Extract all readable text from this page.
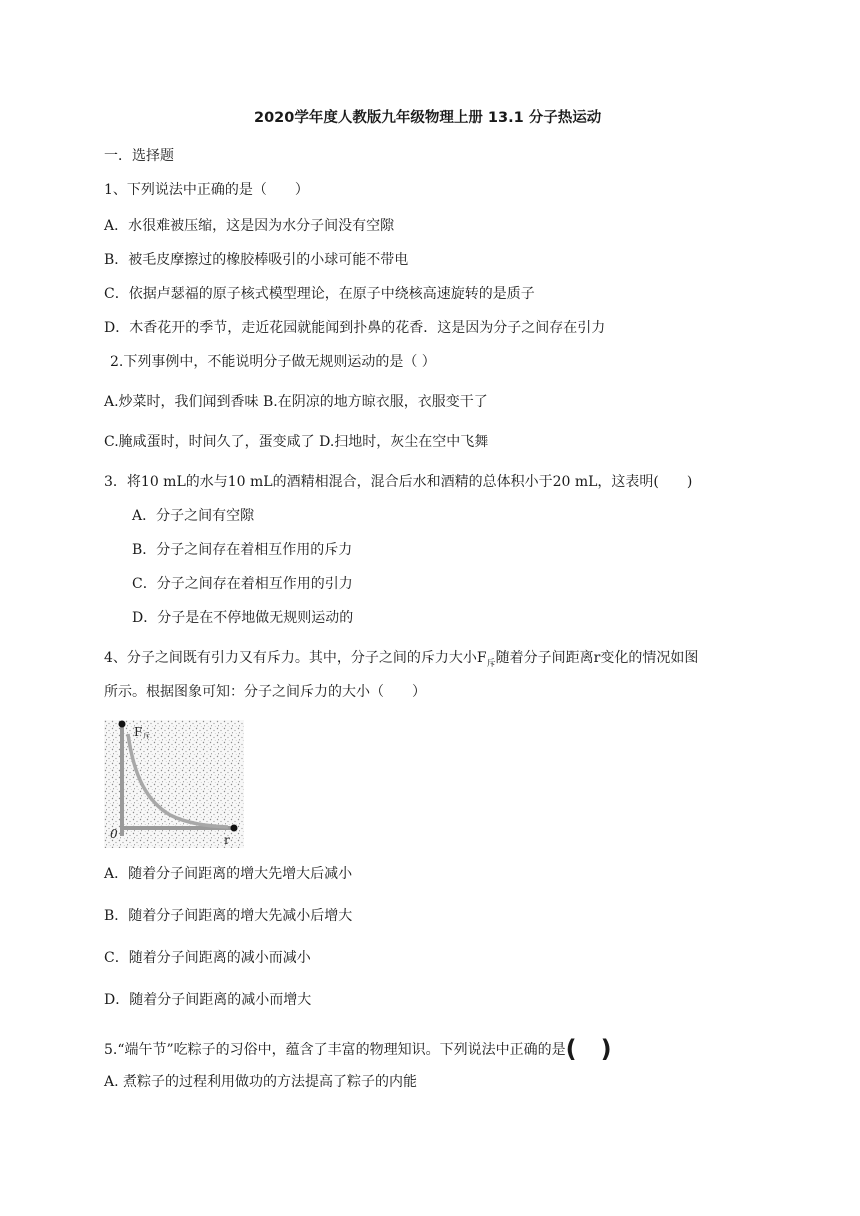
2020学年度人教版九年级物理上册 13.1 分子热运动
一．选择题
1、下列说法中正确的是（　　）
A．水很难被压缩，这是因为水分子间没有空隙
B．被毛皮摩擦过的橡胶棒吸引的小球可能不带电
C．依据卢瑟福的原子核式模型理论，在原子中绕核高速旋转的是质子
D．木香花开的季节，走近花园就能闻到扑鼻的花香．这是因为分子之间存在引力
2.下列事例中，不能说明分子做无规则运动的是（ ）
A.炒菜时，我们闻到香味 B.在阴凉的地方晾衣服，衣服变干了
C.腌咸蛋时，时间久了，蛋变咸了 D.扫地时，灰尘在空中飞舞
3．将10 mL的水与10 mL的酒精相混合，混合后水和酒精的总体积小于20 mL，这表明(　　)
A．分子之间有空隙
B．分子之间存在着相互作用的斥力
C．分子之间存在着相互作用的引力
D．分子是在不停地做无规则运动的
4、分子之间既有引力又有斥力。其中，分子之间的斥力大小$F_斥$随着分子间距离r变化的情况如图
所示。根据图象可知：分子之间斥力的大小（　　）
F 斥
r
0
A．随着分子间距离的增大先增大后减小
B．随着分子间距离的增大先减小后增大
C．随着分子间距离的减小而减小
D．随着分子间距离的减小而增大
5.“端午节”吃粽子的习俗中，蕴含了丰富的物理知识。下列说法中正确的是(　)
A. 煮粽子的过程利用做功的方法提高了粽子的内能
